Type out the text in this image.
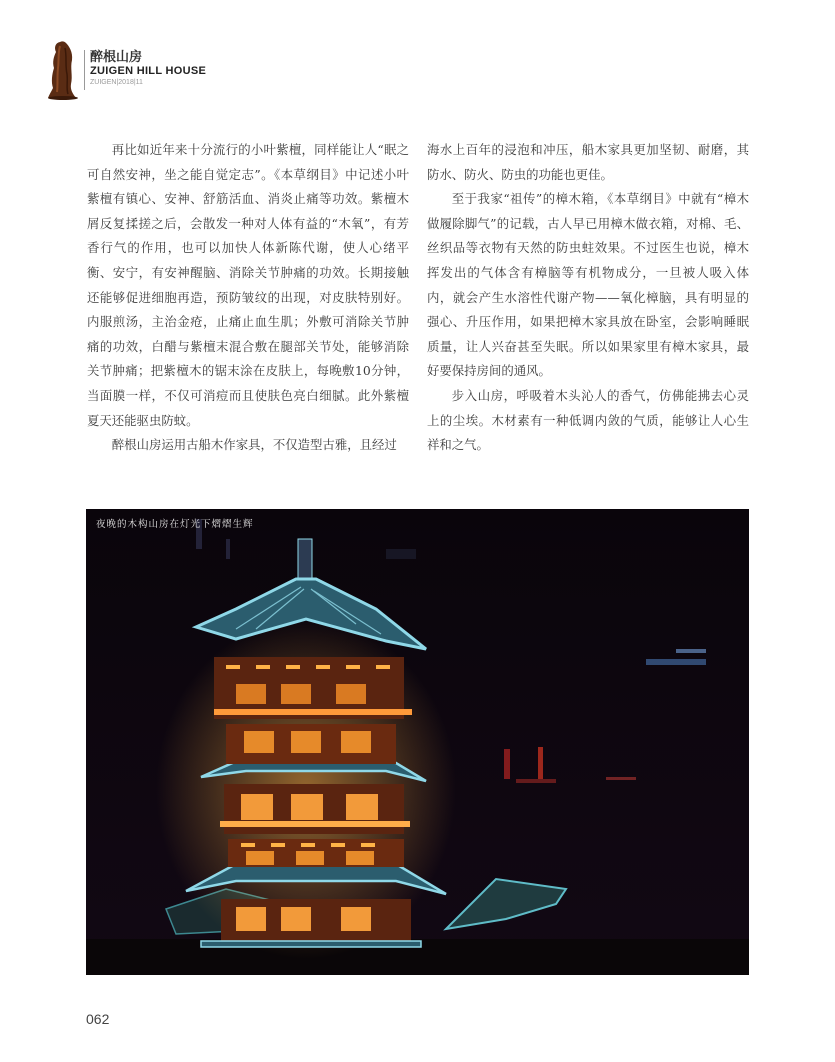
醉根山房
ZUIGEN HILL HOUSE
ZUIGEN|2018|11

再比如近年来十分流行的小叶紫檀，同样能让人“眠之可自然安神，坐之能自觉定志”。《本草纲目》中记述小叶紫檀有镇心、安神、舒筋活血、消炎止痛等功效。紫檀木屑反复揉搓之后，会散发一种对人体有益的“木氧”，有芳香行气的作用，也可以加快人体新陈代谢，使人心绪平衡、安宁，有安神醒脑、消除关节肿痛的功效。长期接触还能够促进细胞再造，预防皱纹的出现，对皮肤特别好。内服煎汤，主治金疮，止痛止血生肌；外敷可消除关节肿痛的功效，白醋与紫檀末混合敷在腿部关节处，能够消除关节肿痛；把紫檀木的锯末涂在皮肤上，每晚敷10分钟，当面膜一样，不仅可消痘而且使肤色亮白细腻。此外紫檀夏天还能驱虫防蚊。

醉根山房运用古船木作家具，不仅造型古雅，且经过

海水上百年的浸泡和冲压，船木家具更加坚韧、耐磨，其防水、防火、防虫的功能也更佳。

至于我家“祖传”的樟木箱，《本草纲目》中就有“樟木做履除脚气”的记载，古人早已用樟木做衣箱，对棉、毛、丝织品等衣物有天然的防虫蛀效果。不过医生也说，樟木挥发出的气体含有樟脑等有机物成分，一旦被人吸入体内，就会产生水溶性代谢产物——氧化樟脑，具有明显的强心、升压作用，如果把樟木家具放在卧室，会影响睡眠质量，让人兴奋甚至失眠。所以如果家里有樟木家具，最好要保持房间的通风。

步入山房，呼吸着木头沁人的香气，仿佛能拂去心灵上的尘埃。木材素有一种低调内敛的气质，能够让人心生祥和之气。

夜晚的木构山房在灯光下熠熠生辉
062
